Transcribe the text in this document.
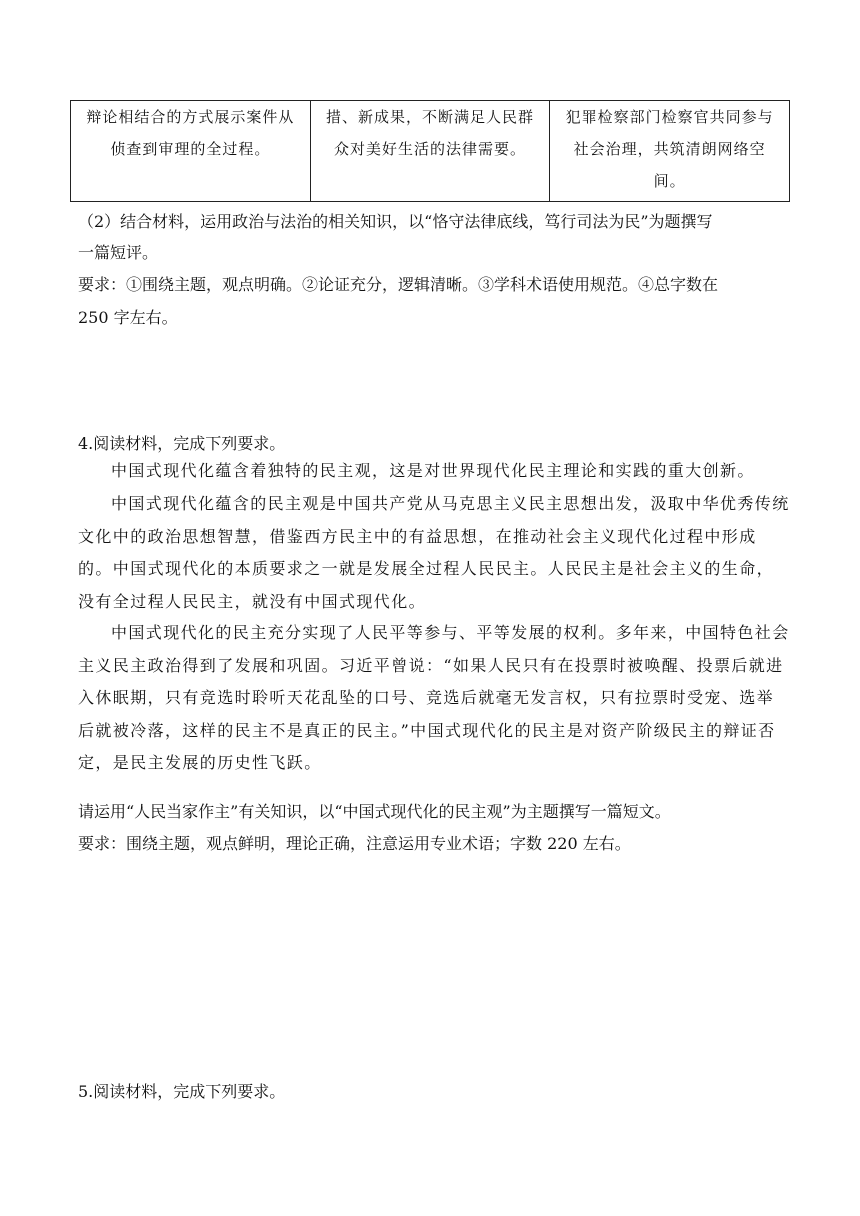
辩论相结合的方式展示案件从侦查到审理的全过程。	措、新成果，不断满足人民群众对美好生活的法律需要。	犯罪检察部门检察官共同参与社会治理，共筑清朗网络空间。
（2）结合材料，运用政治与法治的相关知识，以“恪守法律底线，笃行司法为民”为题撰写
一篇短评。
要求：①围绕主题，观点明确。②论证充分，逻辑清晰。③学科术语使用规范。④总字数在
250 字左右。
4.阅读材料，完成下列要求。
中国式现代化蕴含着独特的民主观，这是对世界现代化民主理论和实践的重大创新。
中国式现代化蕴含的民主观是中国共产党从马克思主义民主思想出发，汲取中华优秀传统文化中的政治思想智慧，借鉴西方民主中的有益思想，在推动社会主义现代化过程中形成的。中国式现代化的本质要求之一就是发展全过程人民民主。人民民主是社会主义的生命，没有全过程人民民主，就没有中国式现代化。
中国式现代化的民主充分实现了人民平等参与、平等发展的权利。多年来，中国特色社会主义民主政治得到了发展和巩固。习近平曾说：“如果人民只有在投票时被唤醒、投票后就进入休眠期，只有竞选时聆听天花乱坠的口号、竞选后就毫无发言权，只有拉票时受宠、选举后就被冷落，这样的民主不是真正的民主。”中国式现代化的民主是对资产阶级民主的辩证否定，是民主发展的历史性飞跃。
请运用“人民当家作主”有关知识，以“中国式现代化的民主观”为主题撰写一篇短文。
要求：围绕主题，观点鲜明，理论正确，注意运用专业术语；字数 220 左右。
5.阅读材料，完成下列要求。
